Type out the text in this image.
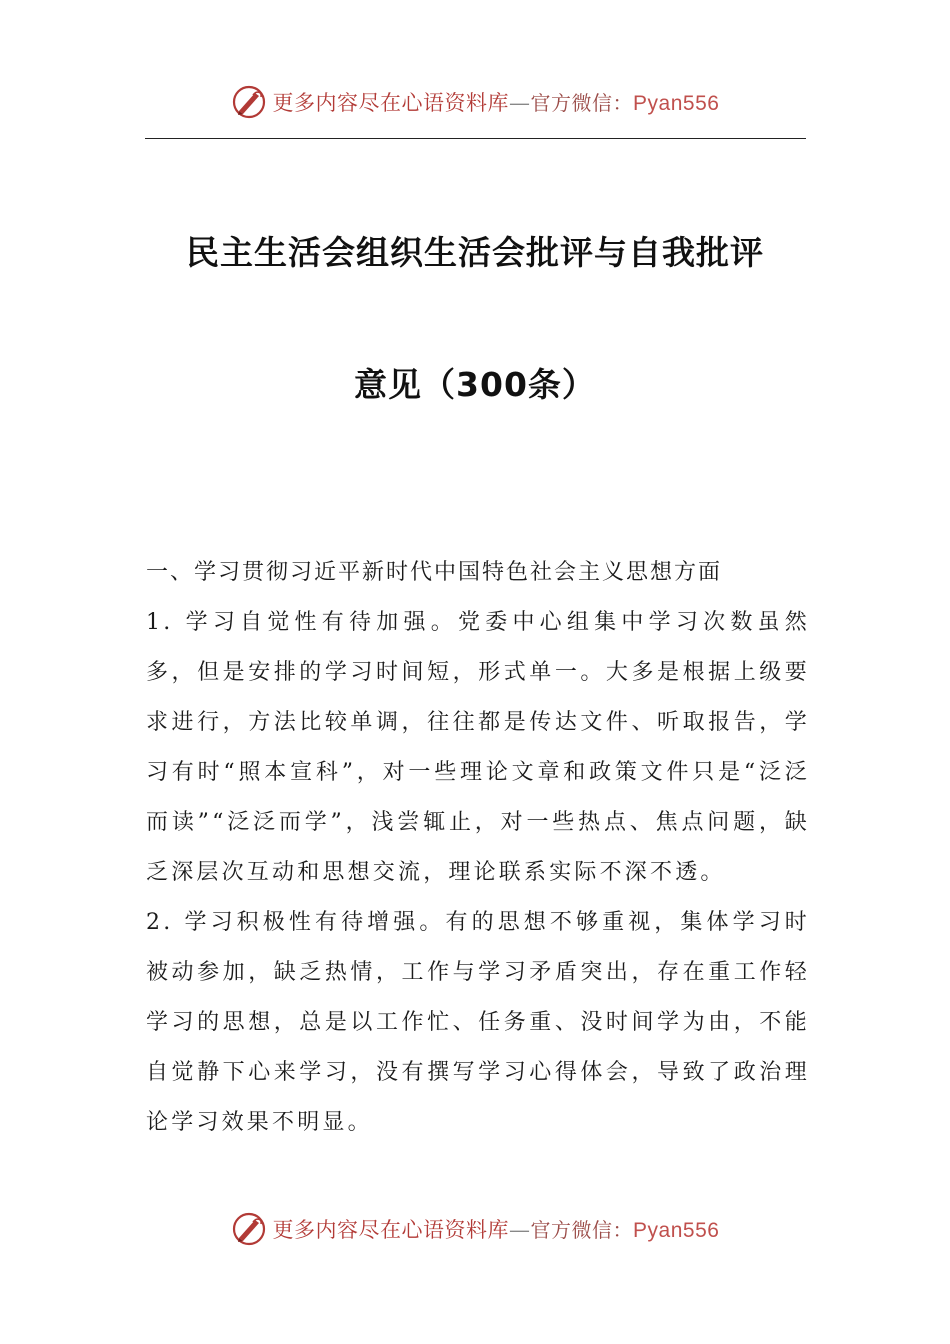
更多内容尽在心语资料库—官方微信：Pyan556
民主生活会组织生活会批评与自我批评
意见（300条）

一、学习贯彻习近平新时代中国特色社会主义思想方面

1. 学习自觉性有待加强。党委中心组集中学习次数虽然多，但是安排的学习时间短，形式单一。大多是根据上级要求进行，方法比较单调，往往都是传达文件、听取报告，学习有时“照本宣科”，对一些理论文章和政策文件只是“泛泛而读”“泛泛而学”，浅尝辄止，对一些热点、焦点问题，缺乏深层次互动和思想交流，理论联系实际不深不透。

2. 学习积极性有待增强。有的思想不够重视，集体学习时被动参加，缺乏热情，工作与学习矛盾突出，存在重工作轻学习的思想，总是以工作忙、任务重、没时间学为由，不能自觉静下心来学习，没有撰写学习心得体会，导致了政治理论学习效果不明显。

更多内容尽在心语资料库—官方微信：Pyan556
